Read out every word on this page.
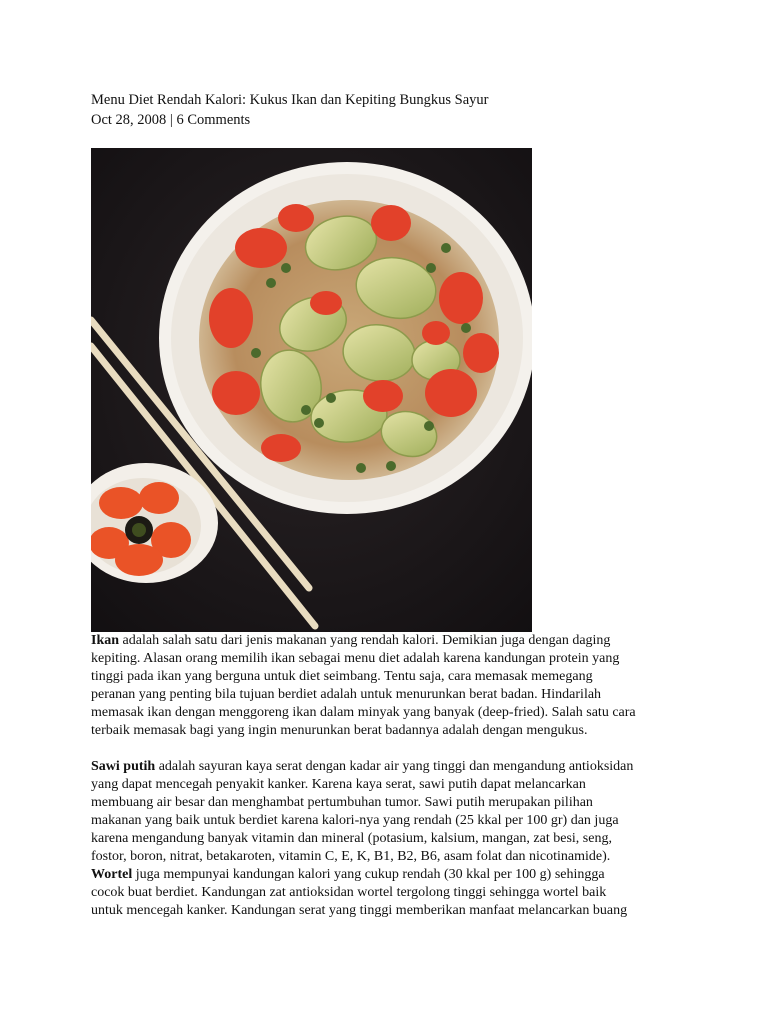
Menu Diet Rendah Kalori: Kukus Ikan dan Kepiting Bungkus Sayur

Oct 28, 2008 | 6 Comments

Ikan adalah salah satu dari jenis makanan yang rendah kalori. Demikian juga dengan daging
kepiting. Alasan orang memilih ikan sebagai menu diet adalah karena kandungan protein yang
tinggi pada ikan yang berguna untuk diet seimbang. Tentu saja, cara memasak memegang
peranan yang penting bila tujuan berdiet adalah untuk menurunkan berat badan. Hindarilah
memasak ikan dengan menggoreng ikan dalam minyak yang banyak (deep-fried). Salah satu cara
terbaik memasak bagi yang ingin menurunkan berat badannya adalah dengan mengukus.

Sawi putih adalah sayuran kaya serat dengan kadar air yang tinggi dan mengandung antioksidan
yang dapat mencegah penyakit kanker. Karena kaya serat, sawi putih dapat melancarkan
membuang air besar dan menghambat pertumbuhan tumor. Sawi putih merupakan pilihan
makanan yang baik untuk berdiet karena kalori-nya yang rendah (25 kkal per 100 gr) dan juga
karena mengandung banyak vitamin dan mineral (potasium, kalsium, mangan, zat besi, seng,
fostor, boron, nitrat, betakaroten, vitamin C, E, K, B1, B2, B6, asam folat dan nicotinamide).

Wortel juga mempunyai kandungan kalori yang cukup rendah (30 kkal per 100 g) sehingga
cocok buat berdiet. Kandungan zat antioksidan wortel tergolong tinggi sehingga wortel baik
untuk mencegah kanker. Kandungan serat yang tinggi memberikan manfaat melancarkan buang
